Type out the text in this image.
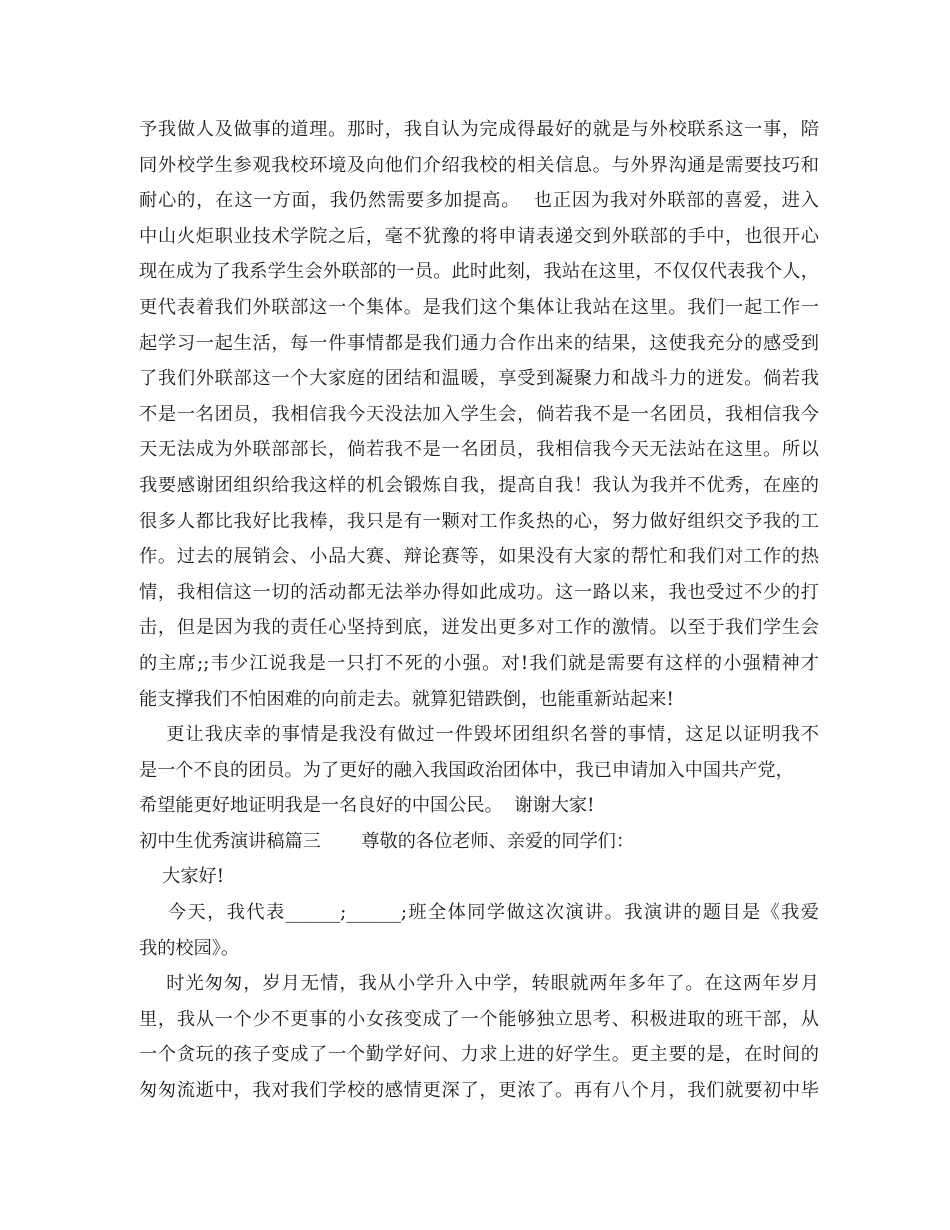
予我做人及做事的道理。那时，我自认为完成得最好的就是与外校联系这一事，陪
同外校学生参观我校环境及向他们介绍我校的相关信息。与外界沟通是需要技巧和
耐心的，在这一方面，我仍然需要多加提高。  也正因为我对外联部的喜爱，进入
中山火炬职业技术学院之后，毫不犹豫的将申请表递交到外联部的手中，也很开心
现在成为了我系学生会外联部的一员。此时此刻，我站在这里，不仅仅代表我个人，
更代表着我们外联部这一个集体。是我们这个集体让我站在这里。我们一起工作一
起学习一起生活，每一件事情都是我们通力合作出来的结果，这使我充分的感受到
了我们外联部这一个大家庭的团结和温暖，享受到凝聚力和战斗力的迸发。倘若我
不是一名团员，我相信我今天没法加入学生会，倘若我不是一名团员，我相信我今
天无法成为外联部部长，倘若我不是一名团员，我相信我今天无法站在这里。所以
我要感谢团组织给我这样的机会锻炼自我，提高自我！我认为我并不优秀，在座的
很多人都比我好比我棒，我只是有一颗对工作炙热的心，努力做好组织交予我的工
作。过去的展销会、小品大赛、辩论赛等，如果没有大家的帮忙和我们对工作的热
情，我相信这一切的活动都无法举办得如此成功。这一路以来，我也受过不少的打
击，但是因为我的责任心坚持到底，迸发出更多对工作的激情。以至于我们学生会
的主席;;韦少江说我是一只打不死的小强。对!我们就是需要有这样的小强精神才
能支撑我们不怕困难的向前走去。就算犯错跌倒，也能重新站起来!
更让我庆幸的事情是我没有做过一件毁坏团组织名誉的事情，这足以证明我不
是一个不良的团员。为了更好的融入我国政治团体中，我已申请加入中国共产党，
希望能更好地证明我是一名良好的中国公民。  谢谢大家!
初中生优秀演讲稿篇三       尊敬的各位老师、亲爱的同学们：
大家好!
今天，我代表______;______;班全体同学做这次演讲。我演讲的题目是《我爱
我的校园》。
时光匆匆，岁月无情，我从小学升入中学，转眼就两年多年了。在这两年岁月
里，我从一个少不更事的小女孩变成了一个能够独立思考、积极进取的班干部，从
一个贪玩的孩子变成了一个勤学好问、力求上进的好学生。更主要的是，在时间的
匆匆流逝中，我对我们学校的感情更深了，更浓了。再有八个月，我们就要初中毕
